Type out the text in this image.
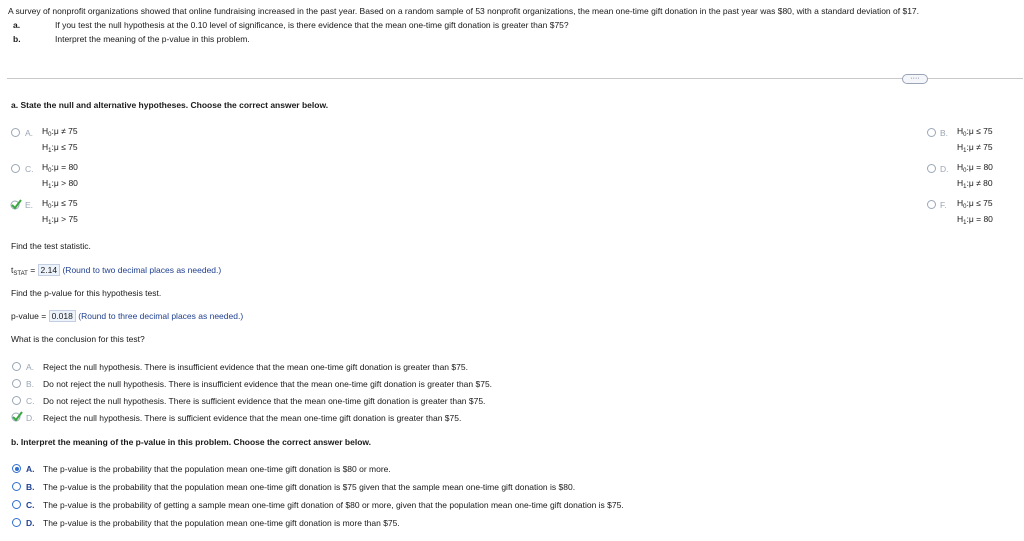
A survey of nonprofit organizations showed that online fundraising increased in the past year. Based on a random sample of 53 nonprofit organizations, the mean one-time gift donation in the past year was $80, with a standard deviation of $17.
a.	If you test the null hypothesis at the 0.10 level of significance, is there evidence that the mean one-time gift donation is greater than $75?
b.	Interpret the meaning of the p-value in this problem.
····
a. State the null and alternative hypotheses. Choose the correct answer below.
A. $H_0:\mu \ne 75$
$H_1:\mu \le 75$
B. $H_0:\mu \le 75$
$H_1:\mu \ne 75$
C. $H_0:\mu = 80$
$H_1:\mu > 80$
D. $H_0:\mu = 80$
$H_1:\mu \ne 80$
E. $H_0:\mu \le 75$
$H_1:\mu > 75$
F. $H_0:\mu \le 75$
$H_1:\mu = 80$
Find the test statistic.
$t_{STAT} = 2.14$ (Round to two decimal places as needed.)
Find the p-value for this hypothesis test.
p-value = 0.018 (Round to three decimal places as needed.)
What is the conclusion for this test?
A. Reject the null hypothesis. There is insufficient evidence that the mean one-time gift donation is greater than $75.
B. Do not reject the null hypothesis. There is insufficient evidence that the mean one-time gift donation is greater than $75.
C. Do not reject the null hypothesis. There is sufficient evidence that the mean one-time gift donation is greater than $75.
D. Reject the null hypothesis. There is sufficient evidence that the mean one-time gift donation is greater than $75.
b. Interpret the meaning of the p-value in this problem. Choose the correct answer below.
A. The p-value is the probability that the population mean one-time gift donation is $80 or more.
B. The p-value is the probability that the population mean one-time gift donation is $75 given that the sample mean one-time gift donation is $80.
C. The p-value is the probability of getting a sample mean one-time gift donation of $80 or more, given that the population mean one-time gift donation is $75.
D. The p-value is the probability that the population mean one-time gift donation is more than $75.
